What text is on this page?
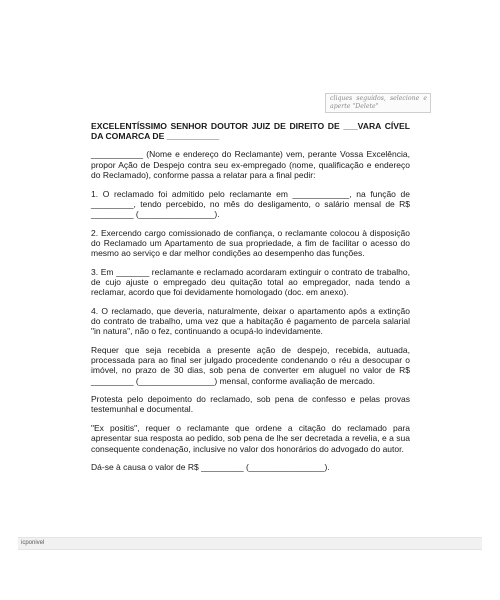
cliques seguidos, selecione e aperte "Delete"

EXCELENTÍSSIMO SENHOR DOUTOR JUIZ DE DIREITO DE ___VARA CÍVEL DA COMARCA DE ___________

___________ (Nome e endereço do Reclamante) vem, perante Vossa Excelência, propor Ação de Despejo contra seu ex-empregado (nome, qualificação e endereço do Reclamado), conforme passa a relatar para a final pedir:

1. O reclamado foi admitido pelo reclamante em ____________, na função de _________, tendo percebido, no mês do desligamento, o salário mensal de R$ _________ (________________).

2. Exercendo cargo comissionado de confiança, o reclamante colocou à disposição do Reclamado um Apartamento de sua propriedade, a fim de facilitar o acesso do mesmo ao serviço e dar melhor condições ao desempenho das funções.

3. Em _______ reclamante e reclamado acordaram extinguir o contrato de trabalho, de cujo ajuste o empregado deu quitação total ao empregador, nada tendo a reclamar, acordo que foi devidamente homologado (doc. em anexo).

4. O reclamado, que deveria, naturalmente, deixar o apartamento após a extinção do contrato de trabalho, uma vez que a habitação é pagamento de parcela salarial "in natura", não o fez, continuando a ocupá-lo indevidamente.

Requer que seja recebida a presente ação de despejo, recebida, autuada, processada para ao final ser julgado procedente condenando o réu a desocupar o imóvel, no prazo de 30 dias, sob pena de converter em aluguel no valor de R$ _________ (________________) mensal, conforme avaliação de mercado.

Protesta pelo depoimento do reclamado, sob pena de confesso e pelas provas testemunhal e documental.

"Ex positis", requer o reclamante que ordene a citação do reclamado para apresentar sua resposta ao pedido, sob pena de lhe ser decretada a revelia, e a sua consequente condenação, inclusive no valor dos honorários do advogado do autor.

Dá-se à causa o valor de R$ _________ (________________).

icponivel
